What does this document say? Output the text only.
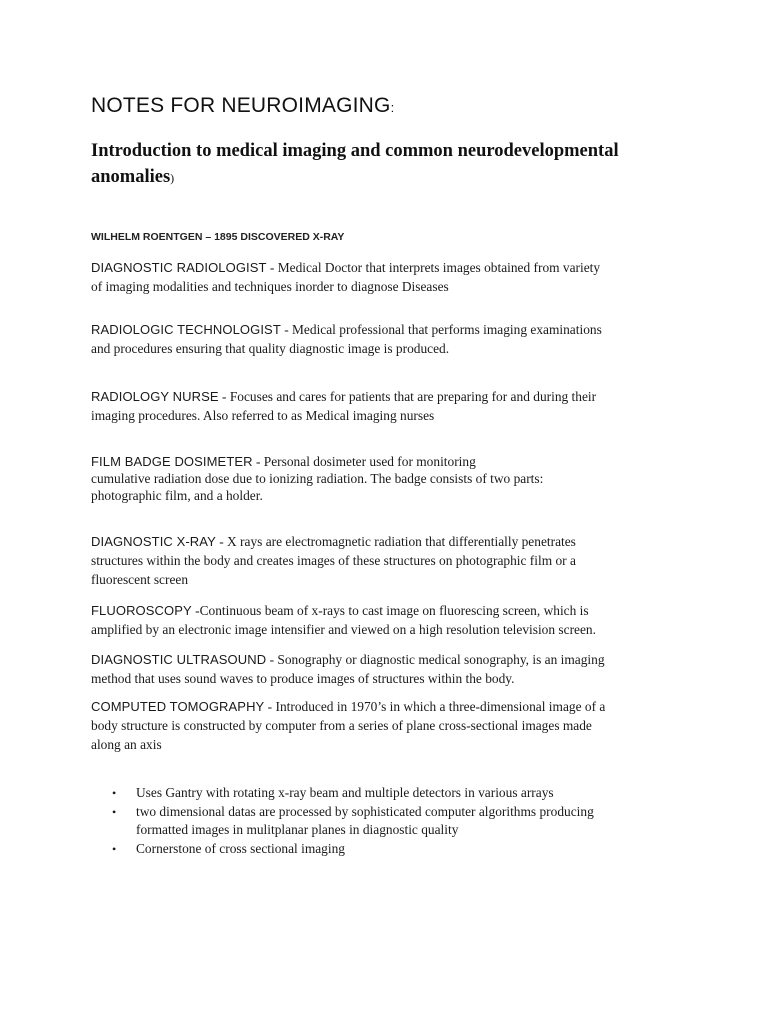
NOTES FOR NEUROIMAGING:
Introduction to medical imaging and common neurodevelopmental
anomalies)
WILHELM ROENTGEN – 1895 DISCOVERED X-RAY
DIAGNOSTIC RADIOLOGIST - Medical Doctor that interprets images obtained from variety
of imaging modalities and techniques inorder to diagnose Diseases
RADIOLOGIC TECHNOLOGIST - Medical professional that performs imaging examinations
and procedures ensuring that quality diagnostic image is produced.
RADIOLOGY NURSE - Focuses and cares for patients that are preparing for and during their
imaging procedures. Also referred to as Medical imaging nurses
FILM BADGE DOSIMETER - Personal dosimeter used for monitoring
cumulative radiation dose due to ionizing radiation. The badge consists of two parts:
photographic film, and a holder.
DIAGNOSTIC X-RAY - X rays are electromagnetic radiation that differentially penetrates
structures within the body and creates images of these structures on photographic film or a
fluorescent screen
FLUOROSCOPY -Continuous beam of x-rays to cast image on fluorescing screen, which is
amplified by an electronic image intensifier and viewed on a high resolution television screen.
DIAGNOSTIC ULTRASOUND - Sonography or diagnostic medical sonography, is an imaging
method that uses sound waves to produce images of structures within the body.
COMPUTED TOMOGRAPHY - Introduced in 1970’s in which a three-dimensional image of a
body structure is constructed by computer from a series of plane cross-sectional images made
along an axis
• Uses Gantry with rotating x-ray beam and multiple detectors in various arrays
• two dimensional datas are processed by sophisticated computer algorithms producing
formatted images in mulitplanar planes in diagnostic quality
• Cornerstone of cross sectional imaging
